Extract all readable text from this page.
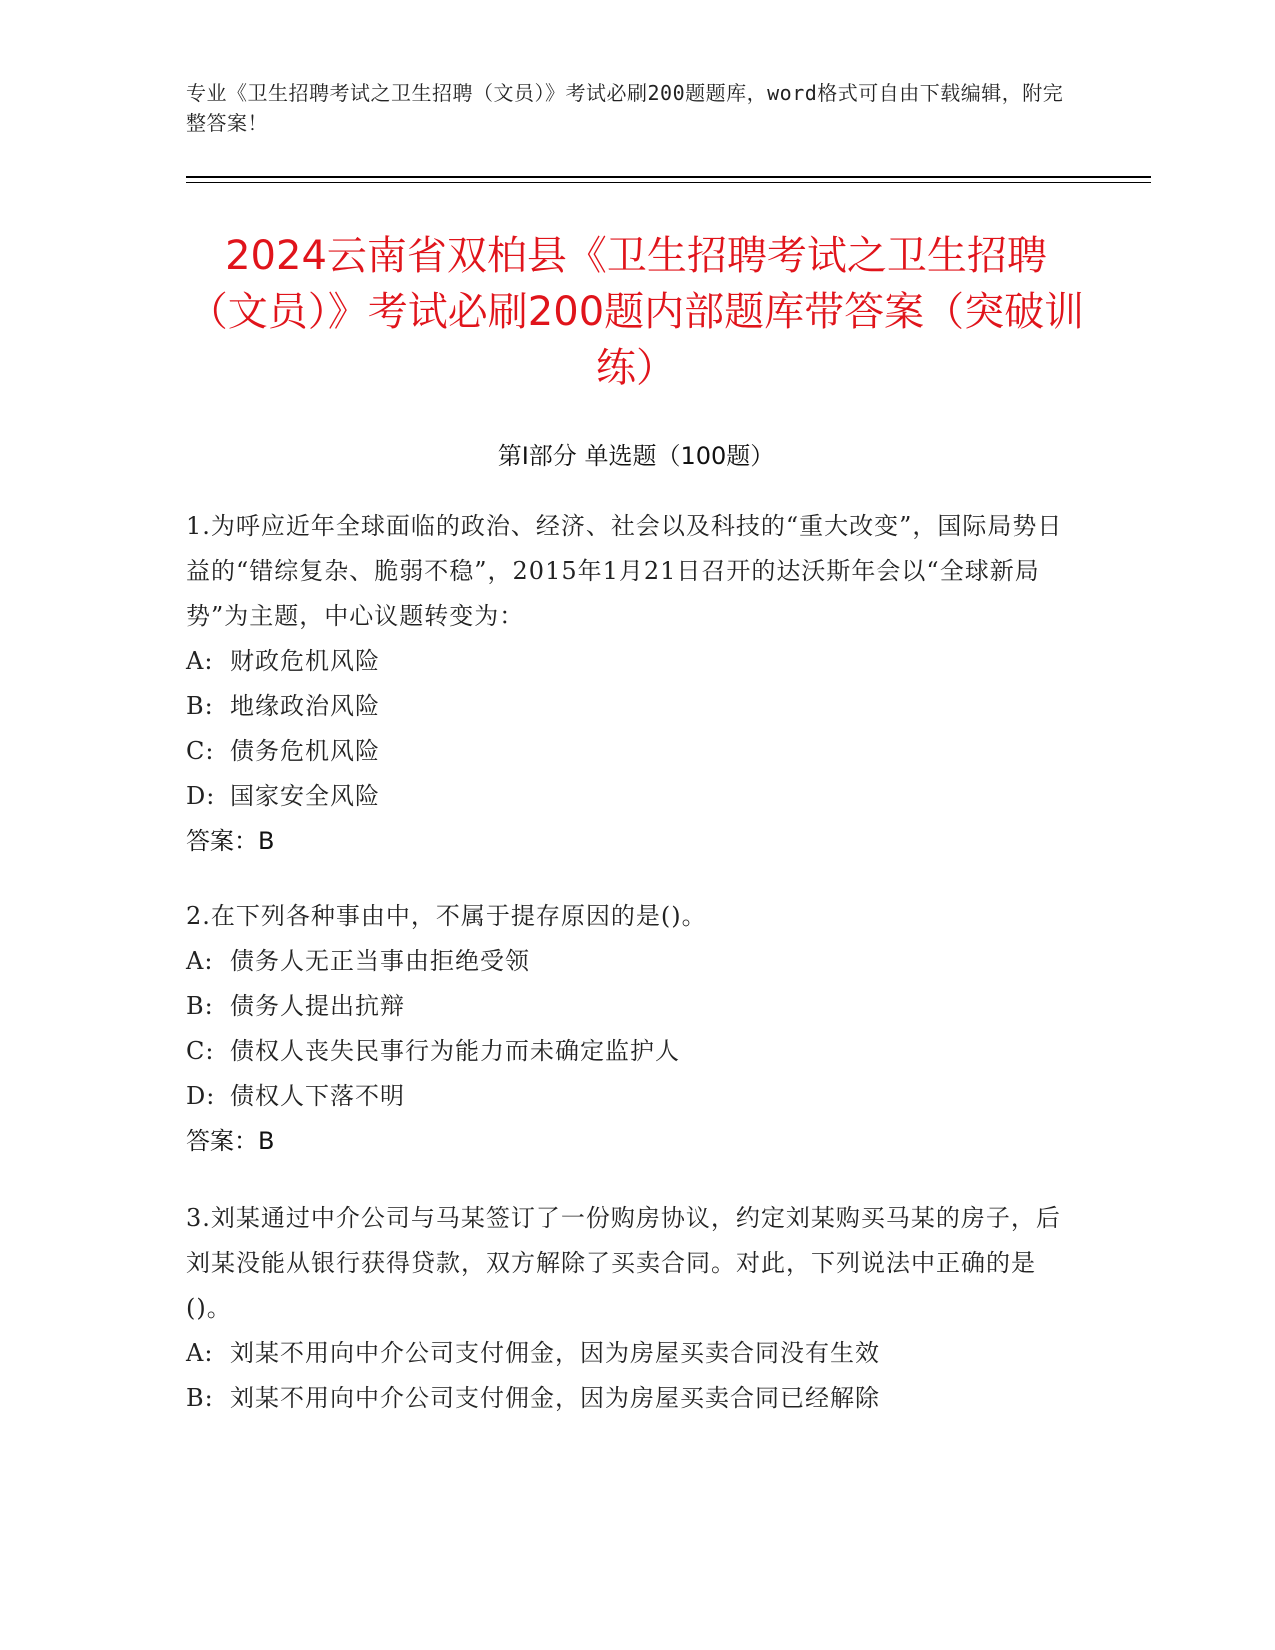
专业《卫生招聘考试之卫生招聘（文员）》考试必刷200题题库，word格式可自由下载编辑，附完整答案！
2024云南省双柏县《卫生招聘考试之卫生招聘（文员）》考试必刷200题内部题库带答案（突破训练）
第Ⅰ部分 单选题（100题）
1.为呼应近年全球面临的政治、经济、社会以及科技的“重大改变”，国际局势日益的“错综复杂、脆弱不稳”，2015年1月21日召开的达沃斯年会以“全球新局势”为主题，中心议题转变为：
A: 财政危机风险
B: 地缘政治风险
C: 债务危机风险
D: 国家安全风险
答案：B
2.在下列各种事由中，不属于提存原因的是()。
A: 债务人无正当事由拒绝受领
B: 债务人提出抗辩
C: 债权人丧失民事行为能力而未确定监护人
D: 债权人下落不明
答案：B
3.刘某通过中介公司与马某签订了一份购房协议，约定刘某购买马某的房子，后刘某没能从银行获得贷款，双方解除了买卖合同。对此，下列说法中正确的是()。
A: 刘某不用向中介公司支付佣金，因为房屋买卖合同没有生效
B: 刘某不用向中介公司支付佣金，因为房屋买卖合同已经解除
